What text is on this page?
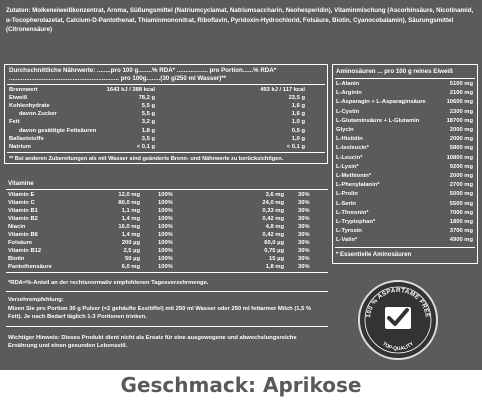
Zutaten: Molkeneiweißkonzentrat, Aroma, Süßungsmittel (Natriumcyclamat, Natriumsaccharin, Neohesperidin), Vitaminmischung (Ascorbinsäure, Nicotinamid, α-Tocopherolazetat, Calcium-D-Pantothenat, Thiaminmononitrat, Riboflavin, Pyridoxin-Hydrochlorid, Folsäure, Biotin, Cyanocobalamin), Säurungsmittel (Citronensäure)
Durchschnittliche Nährwerte: ........pro 100 g........% RDA* .................. pro Portion......% RDA*
................................................................ pro 100g........(30 g/250 ml Wasser)**
Brennwert	1643 kJ / 388 kcal	493 kJ / 117 kcal
Eiweiß	78,2 g	23,5 g
Kohlenhydrate	5,5 g	1,6 g
davon Zucker	5,5 g	1,6 g
Fett	3,2 g	1,0 g
davon gesättigte Fettsäuren	1,8 g	0,5 g
Ballaststoffe	3,5 g	1,0 g
Natrium	< 0,1 g	< 0,1 g
** Bei anderen Zubereitungen als mit Wasser sind geänderte Brenn- und Nährwerte zu berücksichtigen.
Vitamine
Vitamin E	12,0 mg	100%	3,6 mg 30%
Vitamin C	80,0 mg	100%	24,0 mg 30%
Vitamin B1	1,1 mg	100%	0,33 mg 30%
Vitamin B2	1,4 mg	100%	0,42 mg 30%
Niacin	16,0 mg	100%	4,8 mg 30%
Vitamin B6	1,4 mg	100%	0,42 mg 30%
Folsäure	200 µg	100%	60,0 µg 30%
Vitamin B12	2,5 µg	100%	0,75 µg 30%
Biotin	50 µg	100%	15 µg 30%
Pantothensäure	6,0 mg	100%	1,8 mg 30%
*RDA=%-Anteil an der rechtsnormativ empfohlenen Tagesverzehrmenge.
Verzehrempfehlung:
Mixen Sie pro Portion 30 g Pulver (=2 gehäufte Esslöffel) mit 250 ml Wasser oder 250 ml fettarmer Milch (1,5 % Fett). Je nach Bedarf täglich 1-3 Portionen trinken.
Wichtiger Hinweis: Dieses Produkt dient nicht als Ersatz für eine ausgewogene und abwechslungsreiche Ernährung und einen gesunden Lebensstil.
Aminosäuren ... pro 100 g reines Eiweiß
L-Alanin	5100 mg
L-Arginin	2100 mg
L-Asparagin + L-Asparaginsäure	10600 mg
L-Cystin	2300 mg
L-Glutaminsäure + L-Glutamin	18700 mg
Glycin	2000 mg
L-Histidin	2000 mg
L-Isoleucin*	5800 mg
L-Leucin*	10800 mg
L-Lysin*	9200 mg
L-Methionin*	2000 mg
L-Phenylalanin*	2700 mg
L-Prolin	5000 mg
L-Serin	5500 mg
L-Threonin*	7000 mg
L-Tryptophan*	1800 mg
L-Tyrosin	3700 mg
L-Valin*	4900 mg
* Essentielle Aminosäuren
100 % ASPARTAME FREE
TOP-QUALITY
Geschmack: Aprikose
